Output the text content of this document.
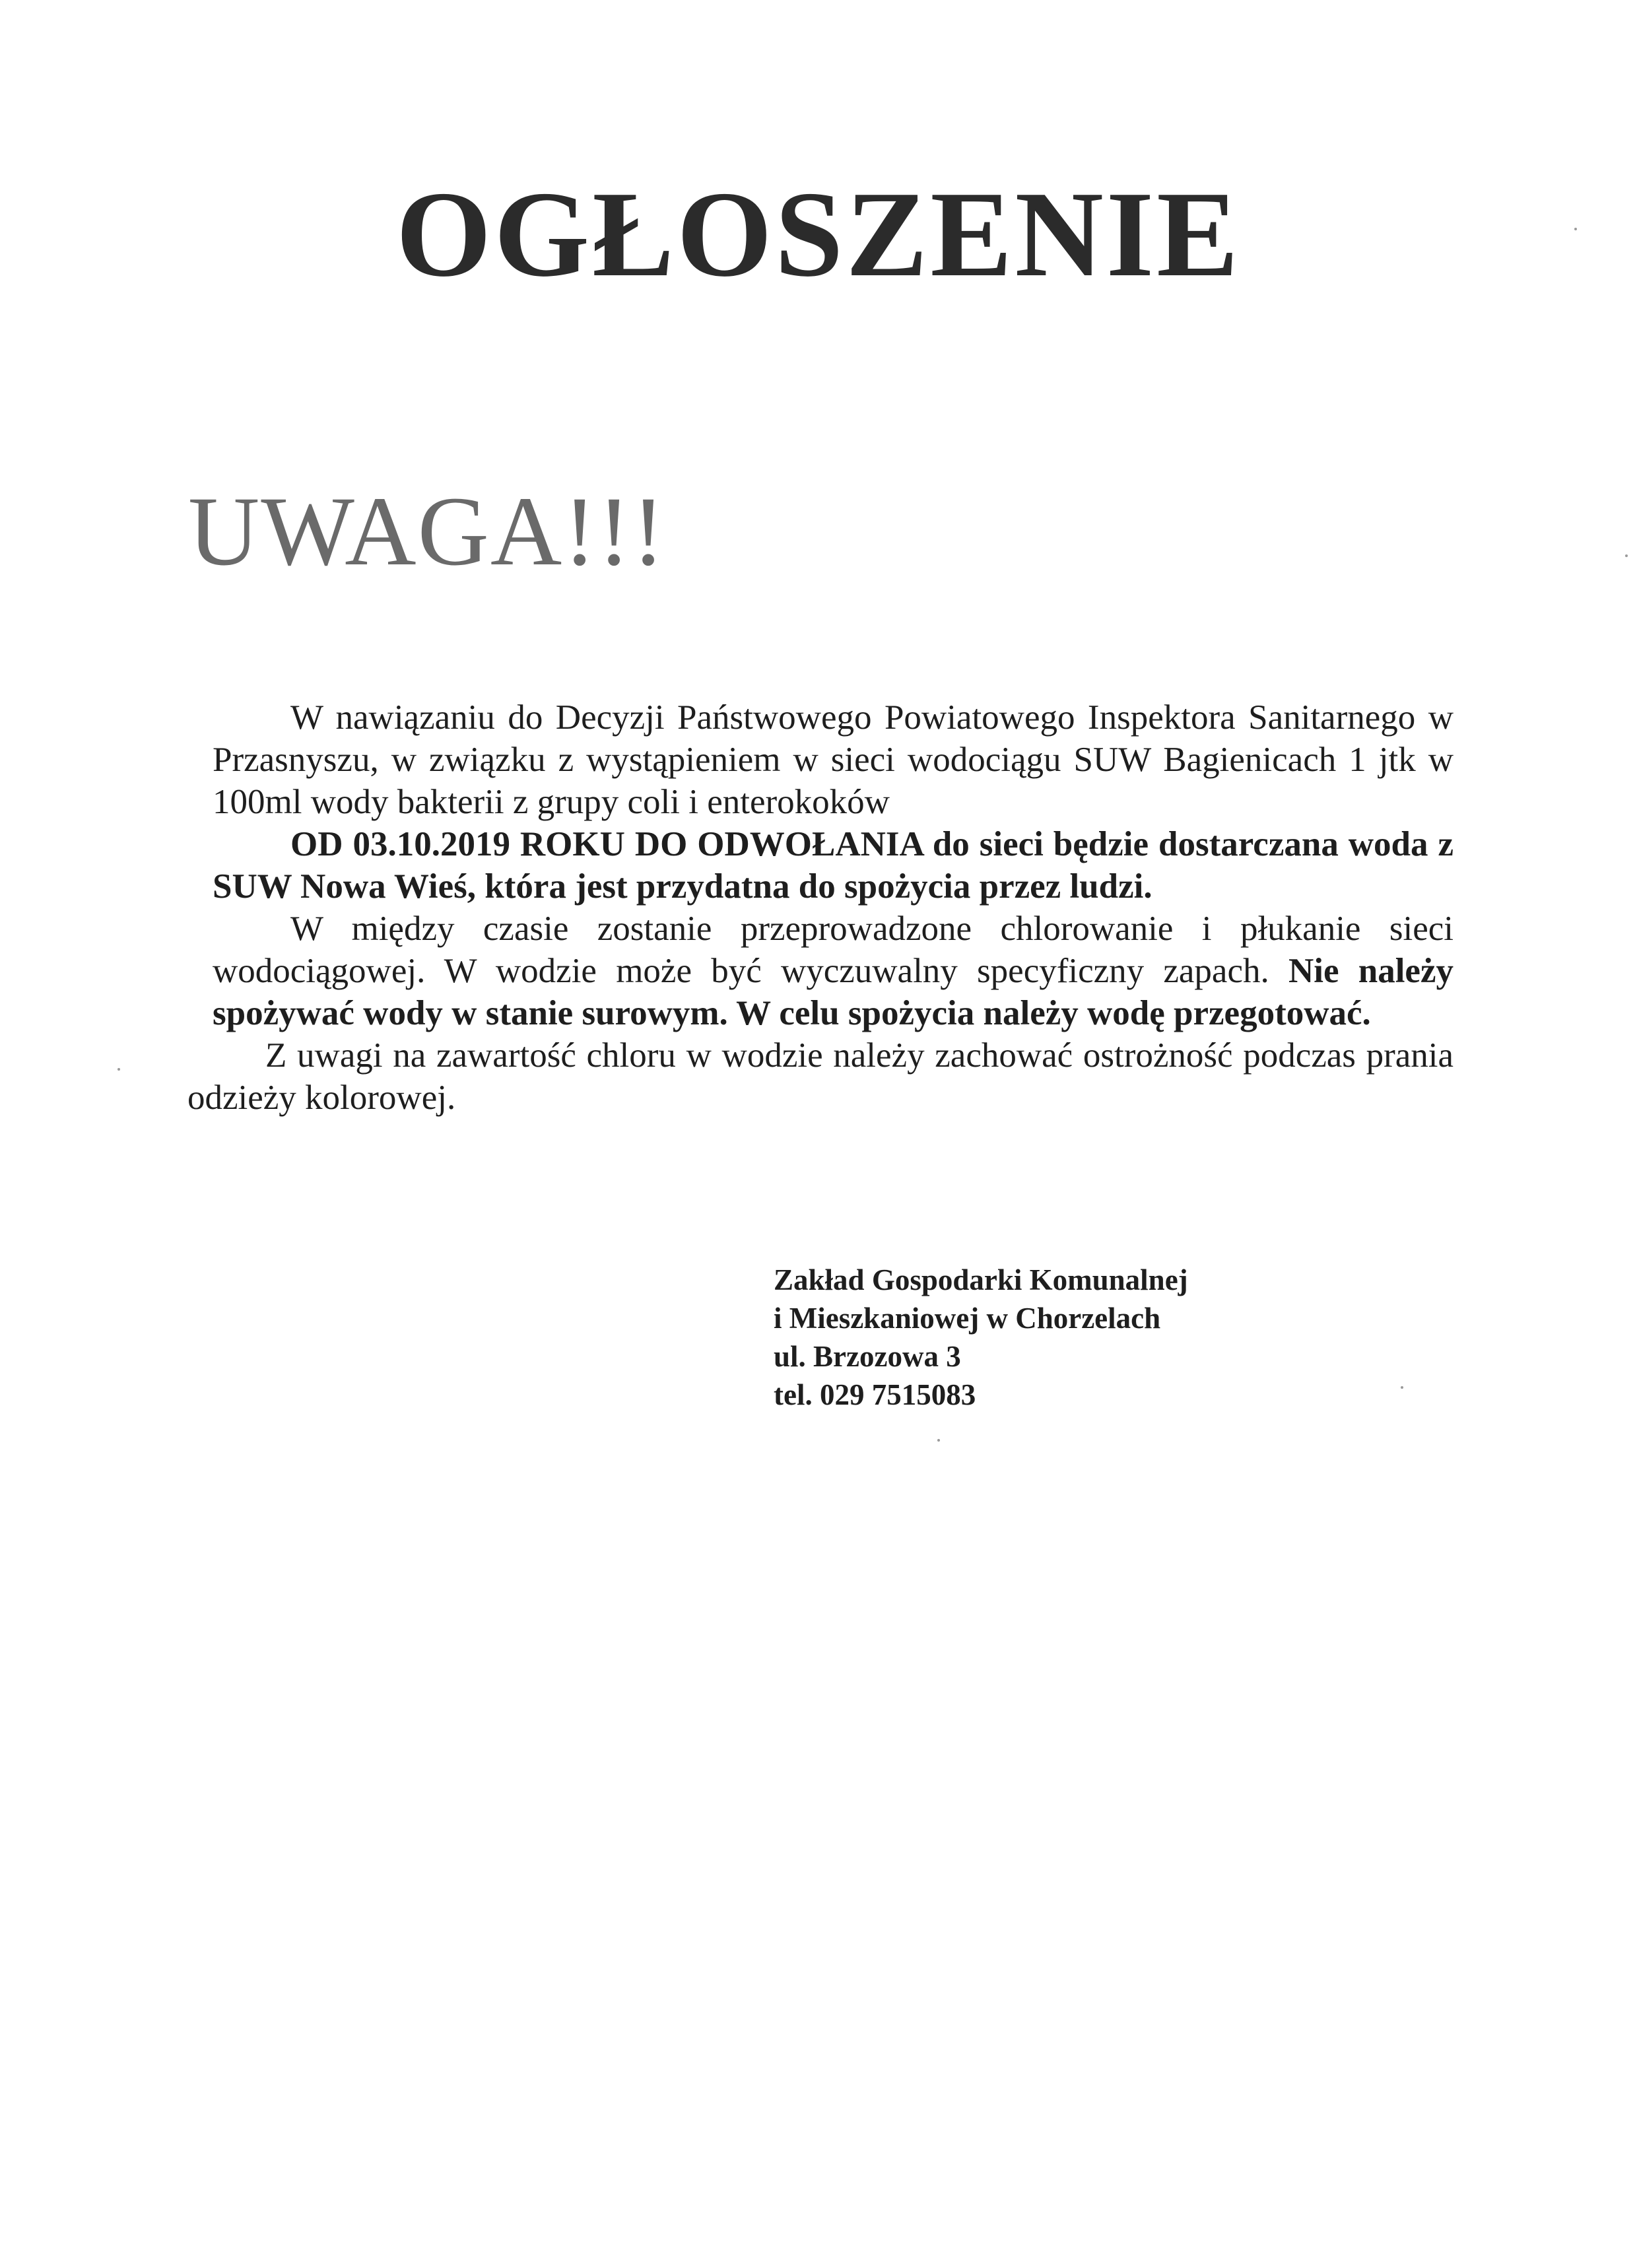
OGŁOSZENIE
UWAGA!!!

W nawiązaniu do Decyzji Państwowego Powiatowego Inspektora Sanitarnego w Przasnyszu, w związku z wystąpieniem w sieci wodociągu SUW Bagienicach 1 jtk w 100ml wody bakterii z grupy coli i enterokoków

OD 03.10.2019 ROKU DO ODWOŁANIA do sieci będzie dostarczana woda z SUW Nowa Wieś, która jest przydatna do spożycia przez ludzi.

W między czasie zostanie przeprowadzone chlorowanie i płukanie sieci wodociągowej. W wodzie może być wyczuwalny specyficzny zapach. Nie należy spożywać wody w stanie surowym. W celu spożycia należy wodę przegotować.

Z uwagi na zawartość chloru w wodzie należy zachować ostrożność podczas prania odzieży kolorowej.

Zakład Gospodarki Komunalnej
i Mieszkaniowej w Chorzelach
ul. Brzozowa 3
tel. 029 7515083
